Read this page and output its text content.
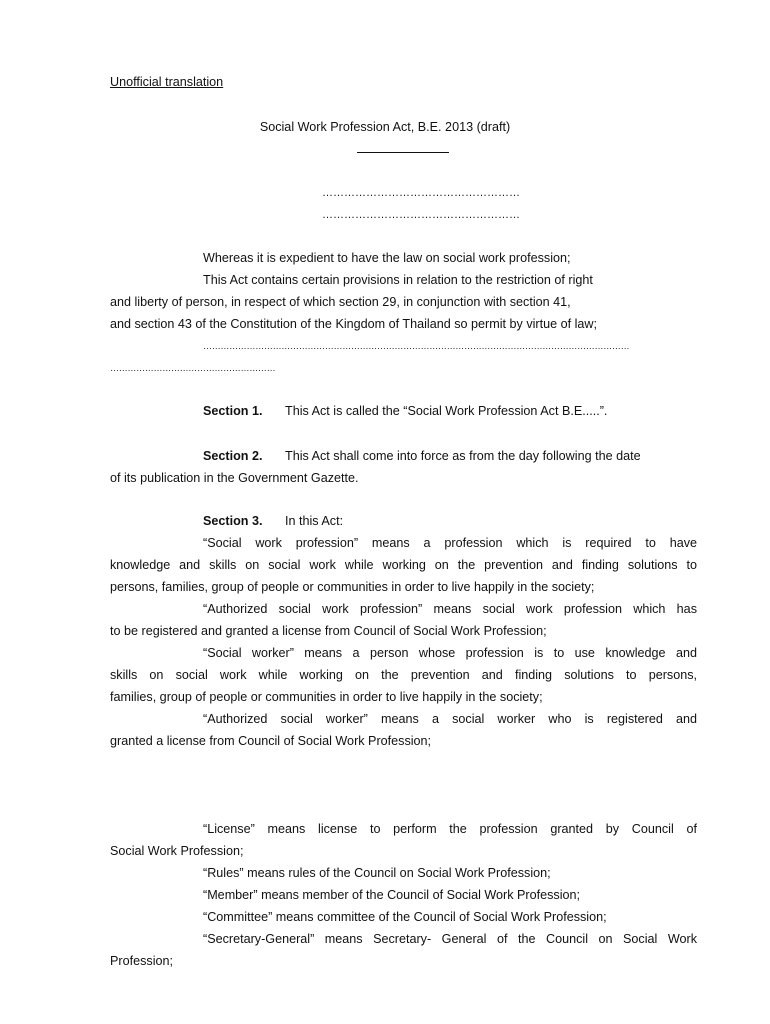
Unofficial translation
Social Work Profession Act, B.E. 2013 (draft)
………………………………………………
………………………………………………
Whereas it is expedient to have the law on social work profession;
This Act contains certain provisions in relation to the restriction of right
and liberty of person, in respect of which section 29, in conjunction with section 41,
and section 43 of the Constitution of the Kingdom of Thailand so permit by virtue of law;
…………………………………………………………………………………………………………………………………
…………………………………………………
Section 1. This Act is called the “Social Work Profession Act B.E.....”.
Section 2. This Act shall come into force as from the day following the date
of its publication in the Government Gazette.
Section 3. In this Act:
“Social work profession” means a profession which is required to have
knowledge and skills on social work while working on the prevention and finding solutions to
persons, families, group of people or communities in order to live happily in the society;
“Authorized social work profession” means social work profession which has
to be registered and granted a license from Council of Social Work Profession;
“Social worker” means a person whose profession is to use knowledge and
skills on social work while working on the prevention and finding solutions to persons,
families, group of people or communities in order to live happily in the society;
“Authorized social worker” means a social worker who is registered and
granted a license from Council of Social Work Profession;
“License” means license to perform the profession granted by Council of
Social Work Profession;
“Rules” means rules of the Council on Social Work Profession;
“Member” means member of the Council of Social Work Profession;
“Committee” means committee of the Council of Social Work Profession;
“Secretary-General” means Secretary- General of the Council on Social Work
Profession;
